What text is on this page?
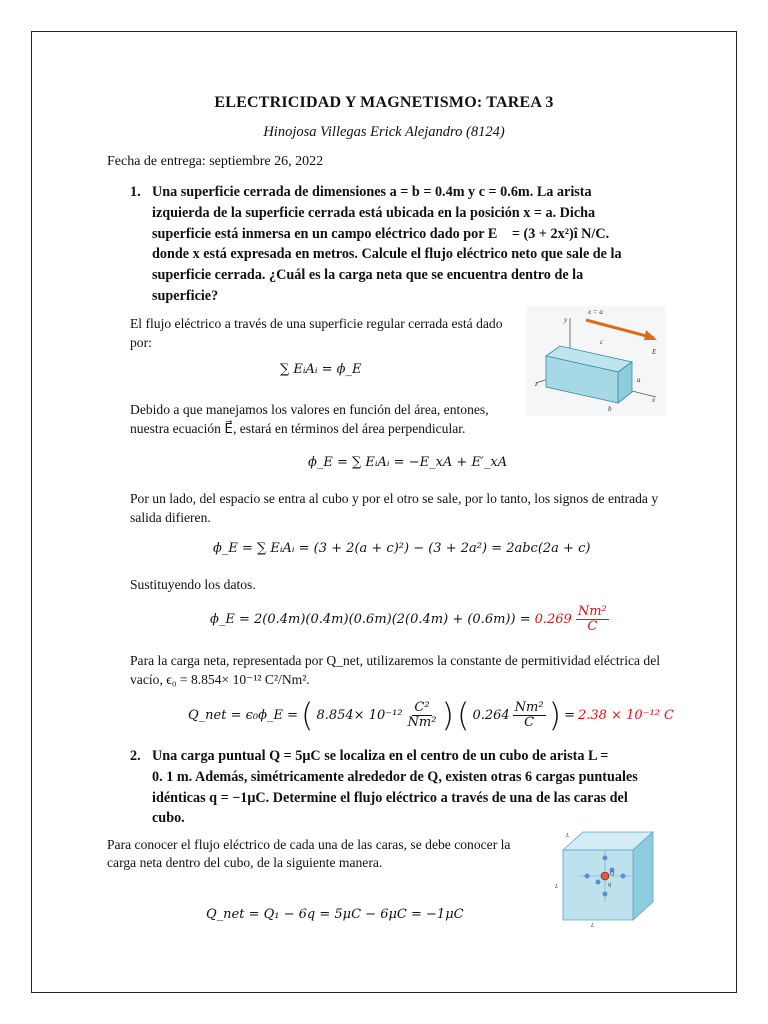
ELECTRICIDAD Y MAGNETISMO: TAREA 3
Hinojosa Villegas Erick Alejandro (8124)
Fecha de entrega: septiembre 26, 2022
1. Una superficie cerrada de dimensiones a = b = 0.4m y c = 0.6m. La arista
izquierda de la superficie cerrada está ubicada en la posición x = a. Dicha
superficie está inmersa en un campo eléctrico dado por E⃗ = (3 + 2x²)î N/C.
donde x está expresada en metros. Calcule el flujo eléctrico neto que sale de la
superficie cerrada. ¿Cuál es la carga neta que se encuentra dentro de la
superficie?
El flujo eléctrico a través de una superficie regular cerrada está dado por:
∑ EᵢAᵢ = ϕ_E
Debido a que manejamos los valores en función del área, entones,
nuestra ecuación E⃗, estará en términos del área perpendicular.
ϕ_E = ∑ EᵢAᵢ = −E_xA + E′_xA
Por un lado, del espacio se entra al cubo y por el otro se sale, por lo tanto, los signos de entrada y salida difieren.
ϕ_E = ∑ EᵢAᵢ = (3 + 2(a + c)²) − (3 + 2a²) = 2abc(2a + c)
Sustituyendo los datos.
ϕ_E = $2(0.4m)(0.4m)(0.6m)(2(0.4m) + (0.6m)) = 0.269 \frac{\text{Nm²}}{C}$
Para la carga neta, representada por Q_net, utilizaremos la constante de permitividad eléctrica del
vacío, ϵ₀ = 8.854× 10⁻¹² C²/Nm².
Q_net = ϵ₀ϕ_E = ( $8.854\times 10^{-12} \frac{\text{C²}}{\text{Nm²}}$ ) ( $0.264 \frac{\text{Nm²}}{C}$ ) = 2.38 × 10⁻¹² C
y
x = a
E⃗
c
a
b
z
x
2. Una carga puntual Q = 5μC se localiza en el centro de un cubo de arista L =
0. 1 m. Además, simétricamente alrededor de Q, existen otras 6 cargas puntuales
idénticas q = −1μC. Determine el flujo eléctrico a través de una de las caras del
cubo.
Para conocer el flujo eléctrico de cada una de las caras, se debe conocer la
carga neta dentro del cubo, de la siguiente manera.
Q_net = Q₁ − 6q = 5μC − 6μC = −1μC
L
L
L
q
Q
